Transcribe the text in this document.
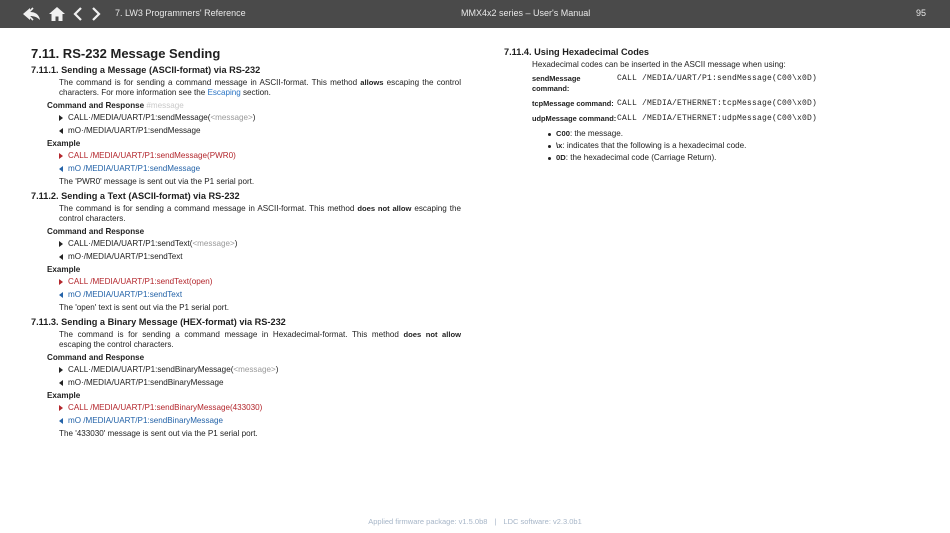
7. LW3 Programmers' Reference	MMX4x2 series – User's Manual	95
7.11. RS-232 Message Sending
7.11.1. Sending a Message (ASCII-format) via RS-232
The command is for sending a command message in ASCII-format. This method allows escaping the control characters. For more information see the Escaping section.
Command and Response #message
CALL·/MEDIA/UART/P1:sendMessage( <message> )
mO·/MEDIA/UART/P1:sendMessage
Example
CALL /MEDIA/UART/P1:sendMessage(PWR0)
mO /MEDIA/UART/P1:sendMessage
The 'PWR0' message is sent out via the P1 serial port.
7.11.2. Sending a Text (ASCII-format) via RS-232
The command is for sending a command message in ASCII-format. This method does not allow escaping the control characters.
Command and Response
CALL·/MEDIA/UART/P1:sendText( <message> )
mO·/MEDIA/UART/P1:sendText
Example
CALL /MEDIA/UART/P1:sendText(open)
mO /MEDIA/UART/P1:sendText
The 'open' text is sent out via the P1 serial port.
7.11.3. Sending a Binary Message (HEX-format) via RS-232
The command is for sending a command message in Hexadecimal-format. This method does not allow escaping the control characters.
Command and Response
CALL·/MEDIA/UART/P1:sendBinaryMessage( <message> )
mO·/MEDIA/UART/P1:sendBinaryMessage
Example
CALL /MEDIA/UART/P1:sendBinaryMessage(433030)
mO /MEDIA/UART/P1:sendBinaryMessage
The '433030' message is sent out via the P1 serial port.
7.11.4. Using Hexadecimal Codes
Hexadecimal codes can be inserted in the ASCII message when using:
sendMessage command:
CALL /MEDIA/UART/P1:sendMessage(C00\x0D)
tcpMessage command: CALL /MEDIA/ETHERNET:tcpMessage(C00\x0D)
udpMessage command: CALL /MEDIA/ETHERNET:udpMessage(C00\x0D)
C00: the message.
\x: indicates that the following is a hexadecimal code.
0D: the hexadecimal code (Carriage Return).
Applied firmware package: v1.5.0b8 | LDC software: v2.3.0b1
